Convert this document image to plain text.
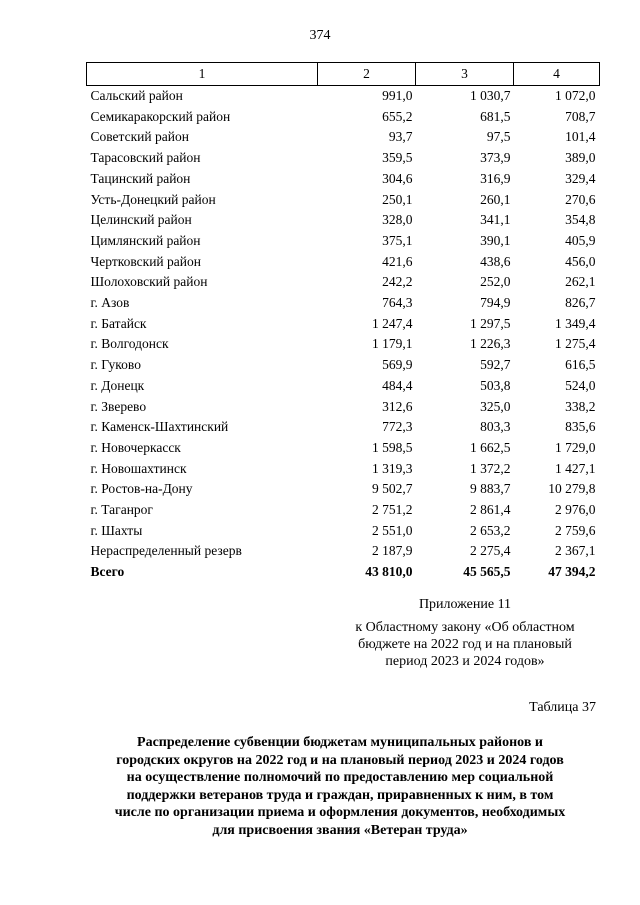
374
1	2	3	4
Сальский район	991,0	1 030,7	1 072,0
Семикаракорский район	655,2	681,5	708,7
Советский район	93,7	97,5	101,4
Тарасовский район	359,5	373,9	389,0
Тацинский район	304,6	316,9	329,4
Усть-Донецкий район	250,1	260,1	270,6
Целинский район	328,0	341,1	354,8
Цимлянский район	375,1	390,1	405,9
Чертковский район	421,6	438,6	456,0
Шолоховский район	242,2	252,0	262,1
г. Азов	764,3	794,9	826,7
г. Батайск	1 247,4	1 297,5	1 349,4
г. Волгодонск	1 179,1	1 226,3	1 275,4
г. Гуково	569,9	592,7	616,5
г. Донецк	484,4	503,8	524,0
г. Зверево	312,6	325,0	338,2
г. Каменск-Шахтинский	772,3	803,3	835,6
г. Новочеркасск	1 598,5	1 662,5	1 729,0
г. Новошахтинск	1 319,3	1 372,2	1 427,1
г. Ростов-на-Дону	9 502,7	9 883,7	10 279,8
г. Таганрог	2 751,2	2 861,4	2 976,0
г. Шахты	2 551,0	2 653,2	2 759,6
Нераспределенный резерв	2 187,9	2 275,4	2 367,1
Всего	43 810,0	45 565,5	47 394,2
Приложение 11
к Областному закону «Об областном
бюджете на 2022 год и на плановый
период 2023 и 2024 годов»
Таблица 37
Распределение субвенции бюджетам муниципальных районов и
городских округов на 2022 год и на плановый период 2023 и 2024 годов
на осуществление полномочий по предоставлению мер социальной
поддержки ветеранов труда и граждан, приравненных к ним, в том
числе по организации приема и оформления документов, необходимых
для присвоения звания «Ветеран труда»
